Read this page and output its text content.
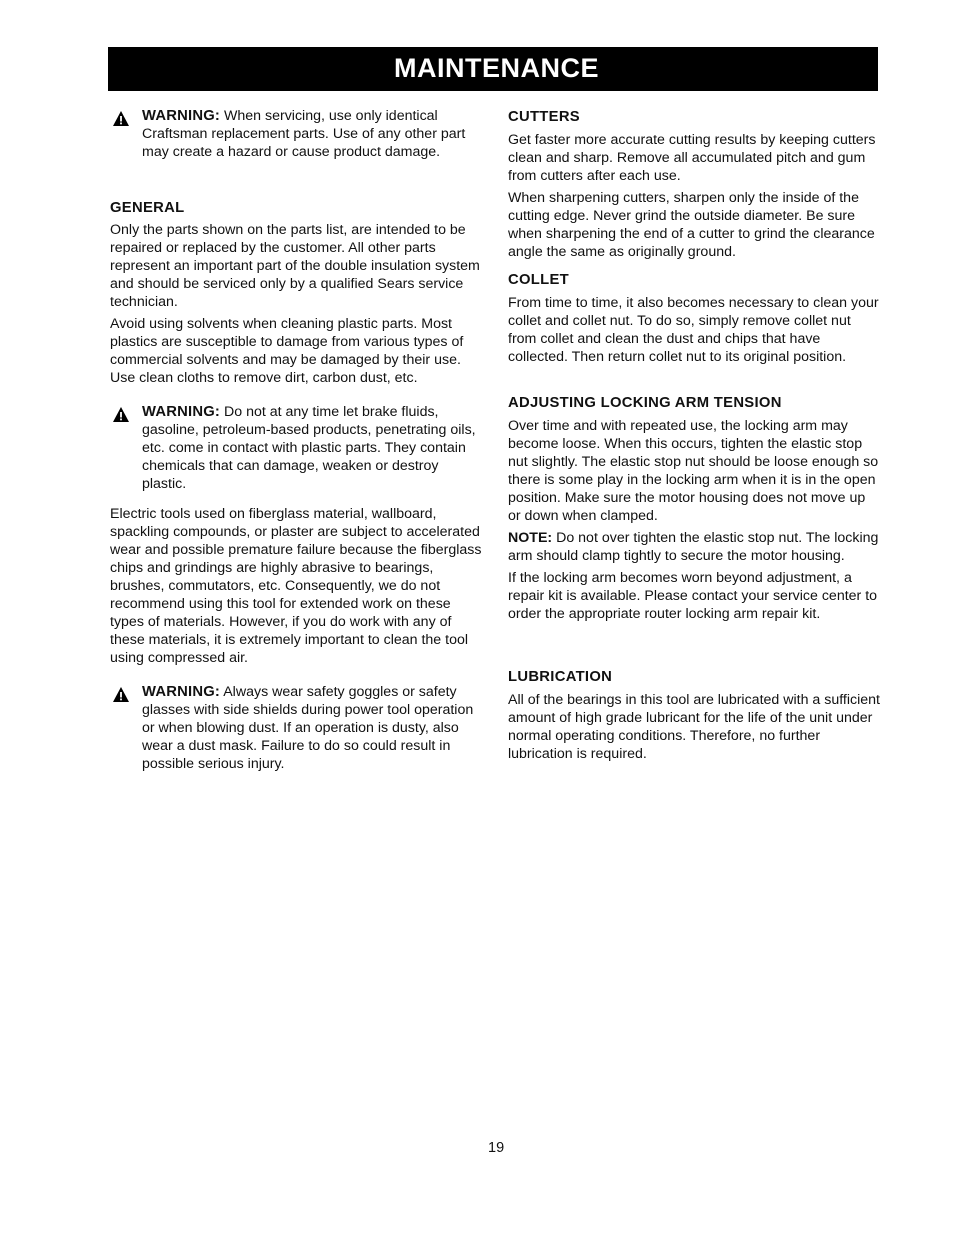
MAINTENANCE

WARNING: When servicing, use only identical Craftsman replacement parts. Use of any other part may create a hazard or cause product damage.

GENERAL

Only the parts shown on the parts list, are intended to be repaired or replaced by the customer. All other parts represent an important part of the double insulation system and should be serviced only by a qualified Sears service technician.

Avoid using solvents when cleaning plastic parts. Most plastics are susceptible to damage from various types of commercial solvents and may be damaged by their use. Use clean cloths to remove dirt, carbon dust, etc.

WARNING: Do not at any time let brake fluids, gasoline, petroleum-based products, penetrating oils, etc. come in contact with plastic parts. They contain chemicals that can damage, weaken or destroy plastic.

Electric tools used on fiberglass material, wallboard, spackling compounds, or plaster are subject to accelerated wear and possible premature failure because the fiberglass chips and grindings are highly abrasive to bearings, brushes, commutators, etc. Consequently, we do not recommend using this tool for extended work on these types of materials. However, if you do work with any of these materials, it is extremely important to clean the tool using compressed air.

WARNING: Always wear safety goggles or safety glasses with side shields during power tool operation or when blowing dust. If an operation is dusty, also wear a dust mask. Failure to do so could result in possible serious injury.

CUTTERS

Get faster more accurate cutting results by keeping cutters clean and sharp. Remove all accumulated pitch and gum from cutters after each use.

When sharpening cutters, sharpen only the inside of the cutting edge. Never grind the outside diameter. Be sure when sharpening the end of a cutter to grind the clearance angle the same as originally ground.

COLLET

From time to time, it also becomes necessary to clean your collet and collet nut. To do so, simply remove collet nut from collet and clean the dust and chips that have collected. Then return collet nut to its original position.

ADJUSTING LOCKING ARM TENSION

Over time and with repeated use, the locking arm may become loose. When this occurs, tighten the elastic stop nut slightly. The elastic stop nut should be loose enough so there is some play in the locking arm when it is in the open position. Make sure the motor housing does not move up or down when clamped.

NOTE: Do not over tighten the elastic stop nut. The locking arm should clamp tightly to secure the motor housing.

If the locking arm becomes worn beyond adjustment, a repair kit is available. Please contact your service center to order the appropriate router locking arm repair kit.

LUBRICATION

All of the bearings in this tool are lubricated with a sufficient amount of high grade lubricant for the life of the unit under normal operating conditions. Therefore, no further lubrication is required.

19
